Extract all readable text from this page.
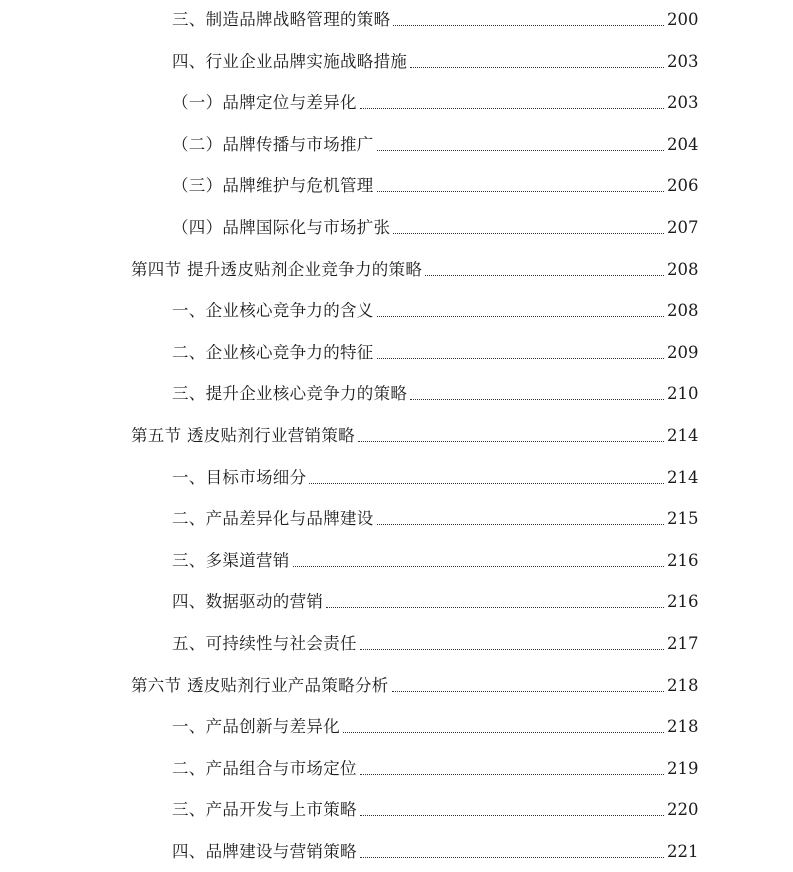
三、制造品牌战略管理的策略	200
四、行业企业品牌实施战略措施	203
（一）品牌定位与差异化	203
（二）品牌传播与市场推广	204
（三）品牌维护与危机管理	206
（四）品牌国际化与市场扩张	207
第四节 提升透皮贴剂企业竞争力的策略	208
一、企业核心竞争力的含义	208
二、企业核心竞争力的特征	209
三、提升企业核心竞争力的策略	210
第五节 透皮贴剂行业营销策略	214
一、目标市场细分	214
二、产品差异化与品牌建设	215
三、多渠道营销	216
四、数据驱动的营销	216
五、可持续性与社会责任	217
第六节 透皮贴剂行业产品策略分析	218
一、产品创新与差异化	218
二、产品组合与市场定位	219
三、产品开发与上市策略	220
四、品牌建设与营销策略	221
